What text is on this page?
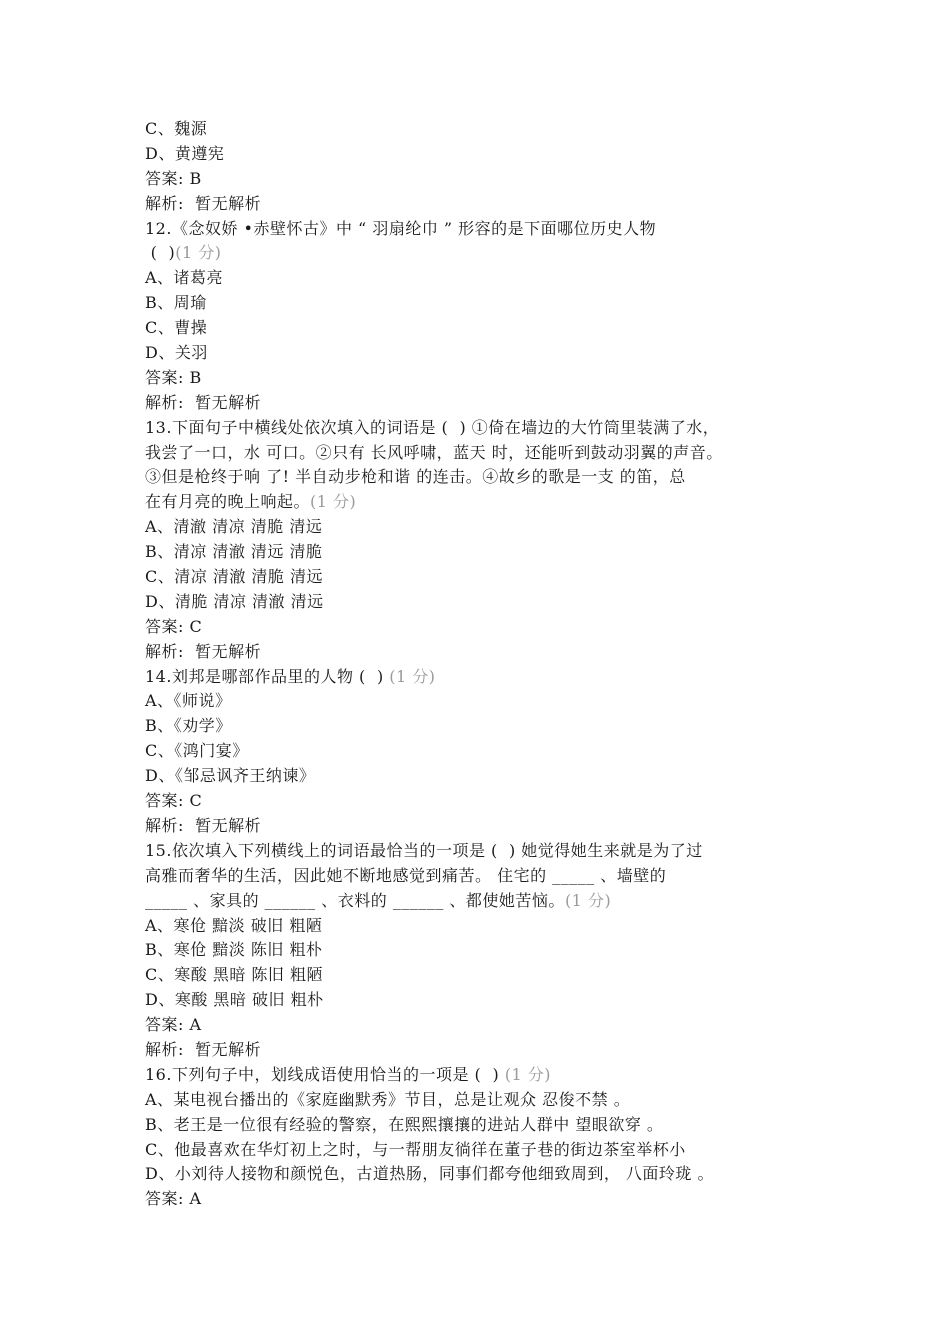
C、魏源
D、黄遵宪
答案: B
解析:  暂无解析
12.《念奴娇 •赤壁怀古》中 “ 羽扇纶巾 ” 形容的是下面哪位历史人物
(  )(1 分)
A、诸葛亮
B、周瑜
C、曹操
D、关羽
答案: B
解析:  暂无解析
13.下面句子中横线处依次填入的词语是 (  ) ①倚在墙边的大竹筒里装满了水，
我尝了一口，水 可口。②只有 长风呼啸，蓝天 时，还能听到鼓动羽翼的声音。
③但是枪终于响 了! 半自动步枪和谐 的连击。④故乡的歌是一支 的笛，总
在有月亮的晚上响起。(1 分)
A、清澈 清凉 清脆 清远
B、清凉 清澈 清远 清脆
C、清凉 清澈 清脆 清远
D、清脆 清凉 清澈 清远
答案: C
解析:  暂无解析
14.刘邦是哪部作品里的人物 (  ) (1 分)
A、《师说》
B、《劝学》
C、《鸿门宴》
D、《邹忌讽齐王纳谏》
答案: C
解析:  暂无解析
15.依次填入下列横线上的词语最恰当的一项是 (  ) 她觉得她生来就是为了过
高雅而奢华的生活，因此她不断地感觉到痛苦。 住宅的 _____ 、墙壁的
_____ 、家具的 ______ 、衣料的 ______ 、都使她苦恼。(1 分)
A、寒伧 黯淡 破旧 粗陋
B、寒伧 黯淡 陈旧 粗朴
C、寒酸 黑暗 陈旧 粗陋
D、寒酸 黑暗 破旧 粗朴
答案: A
解析:  暂无解析
16.下列句子中，划线成语使用恰当的一项是 (  ) (1 分)
A、某电视台播出的《家庭幽默秀》节目，总是让观众 忍俊不禁 。
B、老王是一位很有经验的警察，在熙熙攘攘的进站人群中 望眼欲穿 。
C、他最喜欢在华灯初上之时，与一帮朋友徜徉在董子巷的街边茶室举杯小
D、小刘待人接物和颜悦色，古道热肠，同事们都夸他细致周到， 八面玲珑 。
答案: A
